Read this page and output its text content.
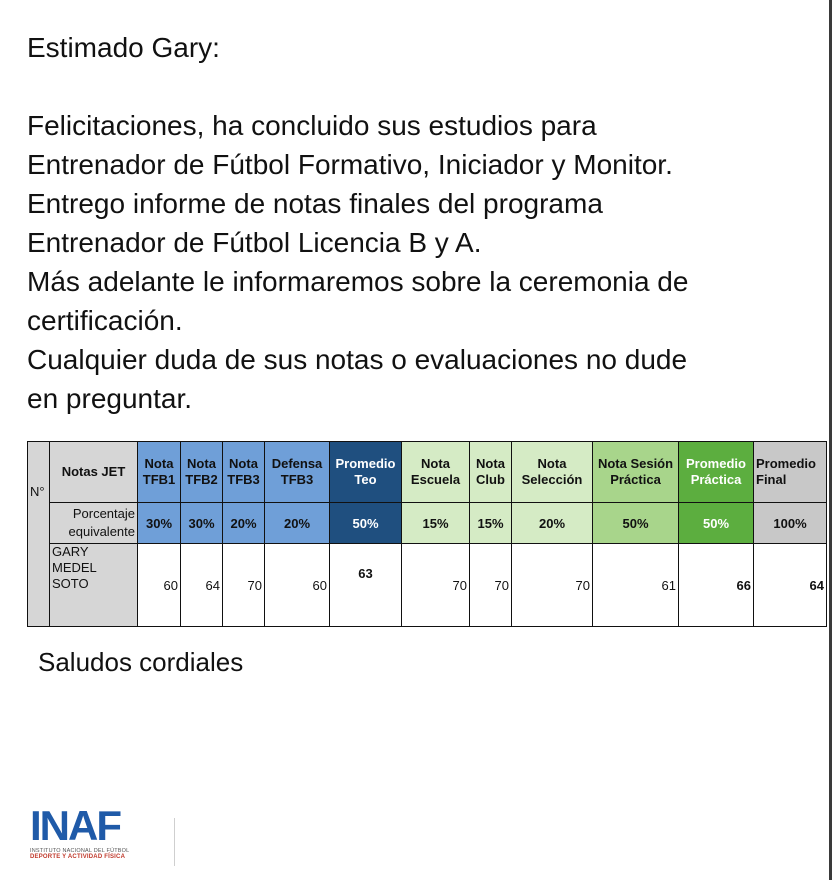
Estimado Gary:

Felicitaciones, ha concluido sus estudios para

Entrenador de Fútbol Formativo, Iniciador y Monitor.

Entrego informe de notas finales del programa

Entrenador de Fútbol Licencia B y A.

Más adelante le informaremos sobre la ceremonia de

certificación.

Cualquier duda de sus notas o evaluaciones no dude

en preguntar.

N°	Notas JET	Nota TFB1	Nota TFB2	Nota TFB3	Defensa TFB3	Promedio Teo	Nota Escuela	Nota Club	Nota Selección	Nota Sesión Práctica	Promedio Práctica	Promedio Final
	Porcentaje equivalente	30%	30%	20%	20%	50%	15%	15%	20%	50%	50%	100%

	GARY
MEDEL
SOTO	60	64	70	60	63	70	70	70	61	66	64
Saludos cordiales
INAF
INSTITUTO NACIONAL DEL FÚTBOL
DEPORTE Y ACTIVIDAD FÍSICA
